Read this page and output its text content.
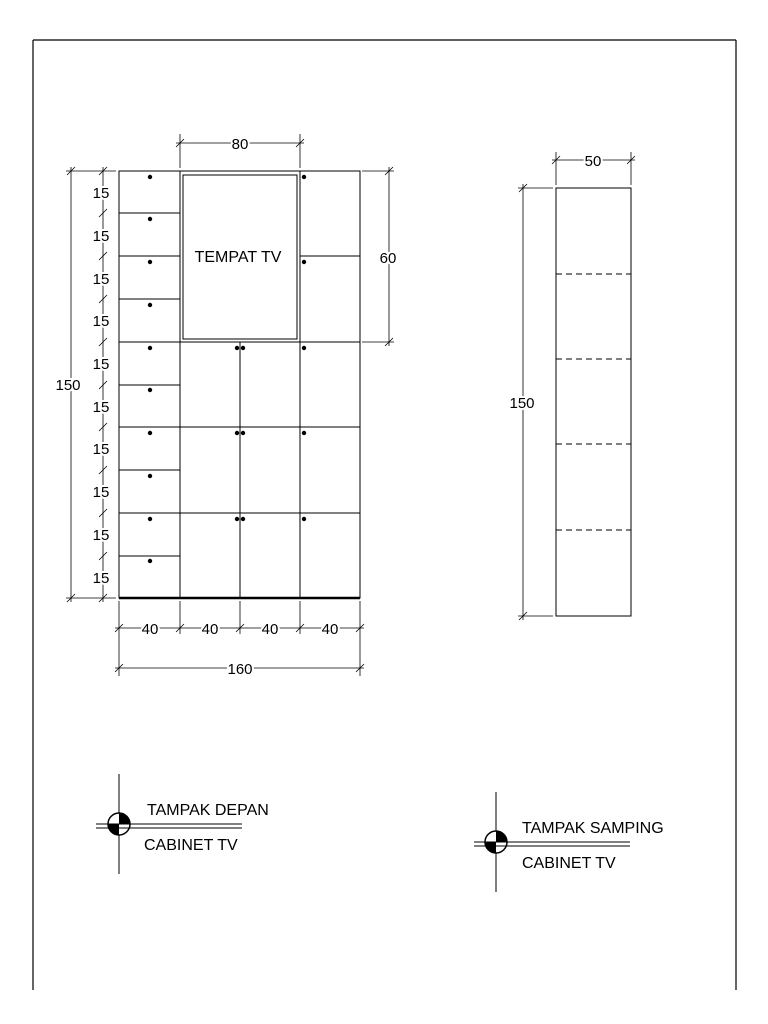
TEMPAT TV
80
60
150
15
15
15
15
15
15
15
15
15
15
40	40	40	40
160
50
150
TAMPAK DEPAN
CABINET TV
TAMPAK SAMPING
CABINET TV
